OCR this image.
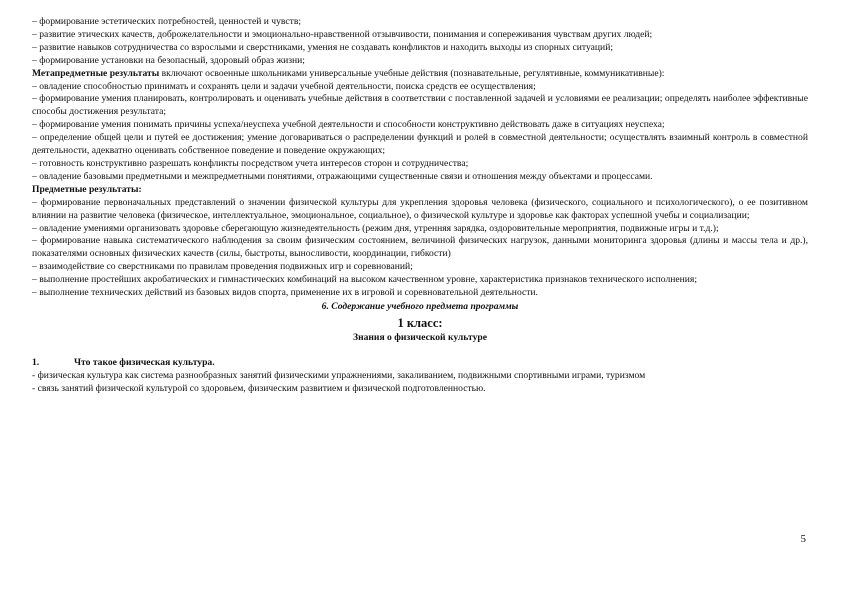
– формирование эстетических потребностей, ценностей и чувств;

– развитие этических качеств, доброжелательности и эмоционально-нравственной отзывчивости, понимания и сопереживания чувствам других людей;

– развитие навыков сотрудничества со взрослыми и сверстниками, умения не создавать конфликтов и находить выходы из спорных ситуаций;

– формирование установки на безопасный, здоровый образ жизни;

Метапредметные результаты включают освоенные школьниками универсальные учебные действия (познавательные, регулятивные, коммуникативные):

– овладение способностью принимать и сохранять цели и задачи учебной деятельности, поиска средств ее осуществления;

– формирование умения планировать, контролировать и оценивать учебные действия в соответствии с поставленной задачей и условиями ее реализации; определять наиболее эффективные способы достижения результата;

– формирование умения понимать причины успеха/неуспеха учебной деятельности и способности конструктивно действовать даже в ситуациях неуспеха;

– определение общей цели и путей ее достижения; умение договариваться о распределении функций и ролей в совместной деятельности; осуществлять взаимный контроль в совместной деятельности, адекватно оценивать собственное поведение и поведение окружающих;

– готовность конструктивно разрешать конфликты посредством учета интересов сторон и сотрудничества;

– овладение базовыми предметными и межпредметными понятиями, отражающими существенные связи и отношения между объектами и процессами.

Предметные результаты:

– формирование первоначальных представлений о значении физической культуры для укрепления здоровья человека (физического, социального и психологического), о ее позитивном влиянии на развитие человека (физическое, интеллектуальное, эмоциональное, социальное), о физической культуре и здоровье как факторах успешной учебы и социализации;

– овладение умениями организовать здоровье сберегающую жизнедеятельность (режим дня, утренняя зарядка, оздоровительные мероприятия, подвижные игры и т.д.);

– формирование навыка систематического наблюдения за своим физическим состоянием, величиной физических нагрузок, данными мониторинга здоровья (длины и массы тела и др.), показателями основных физических качеств (силы, быстроты, выносливости, координации, гибкости)

– взаимодействие со сверстниками по правилам проведения подвижных игр и соревнований;

– выполнение простейших акробатических и гимнастических комбинаций на высоком качественном уровне, характеристика признаков технического исполнения;

– выполнение технических действий из базовых видов спорта, применение их в игровой и соревновательной деятельности.

6. Содержание учебного предмета программы

1 класс:

Знания о физической культуре

1.	Что такое физическая культура.

- физическая культура как система разнообразных занятий физическими упражнениями, закаливанием, подвижными спортивными играми, туризмом

- связь занятий физической культурой со здоровьем, физическим развитием и физической подготовленностью.

5
